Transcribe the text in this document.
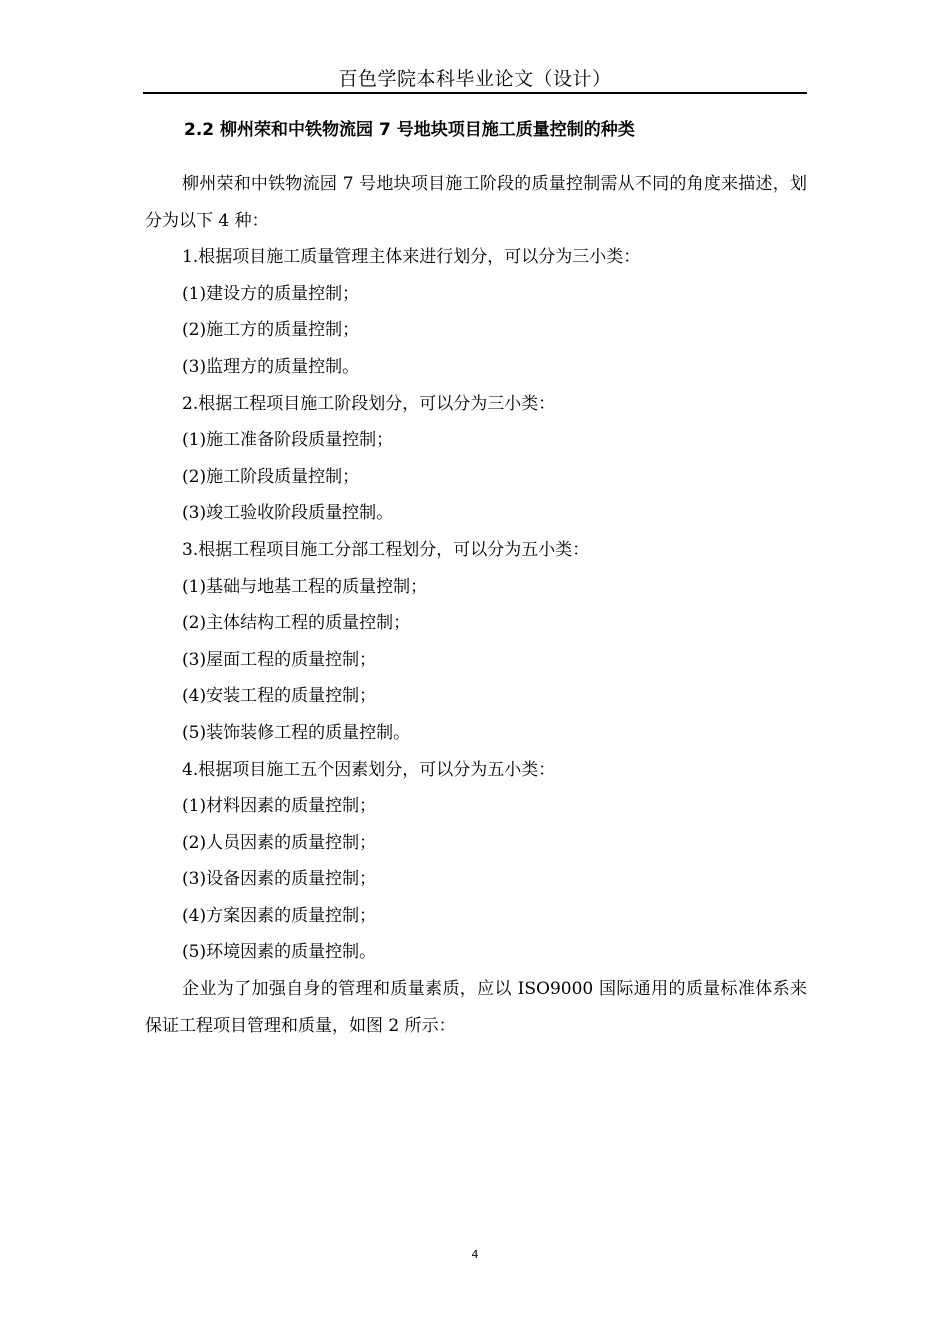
百色学院本科毕业论文（设计）
2.2 柳州荣和中铁物流园 7 号地块项目施工质量控制的种类

柳州荣和中铁物流园 7 号地块项目施工阶段的质量控制需从不同的角度来描述，划分为以下 4 种：

1.根据项目施工质量管理主体来进行划分，可以分为三小类：

(1)建设方的质量控制；

(2)施工方的质量控制；

(3)监理方的质量控制。

2.根据工程项目施工阶段划分，可以分为三小类：

(1)施工准备阶段质量控制；

(2)施工阶段质量控制；

(3)竣工验收阶段质量控制。

3.根据工程项目施工分部工程划分，可以分为五小类：

(1)基础与地基工程的质量控制；

(2)主体结构工程的质量控制；

(3)屋面工程的质量控制；

(4)安装工程的质量控制；

(5)装饰装修工程的质量控制。

4.根据项目施工五个因素划分，可以分为五小类：

(1)材料因素的质量控制；

(2)人员因素的质量控制；

(3)设备因素的质量控制；

(4)方案因素的质量控制；

(5)环境因素的质量控制。

企业为了加强自身的管理和质量素质，应以 ISO9000 国际通用的质量标准体系来保证工程项目管理和质量，如图 2 所示：

4
